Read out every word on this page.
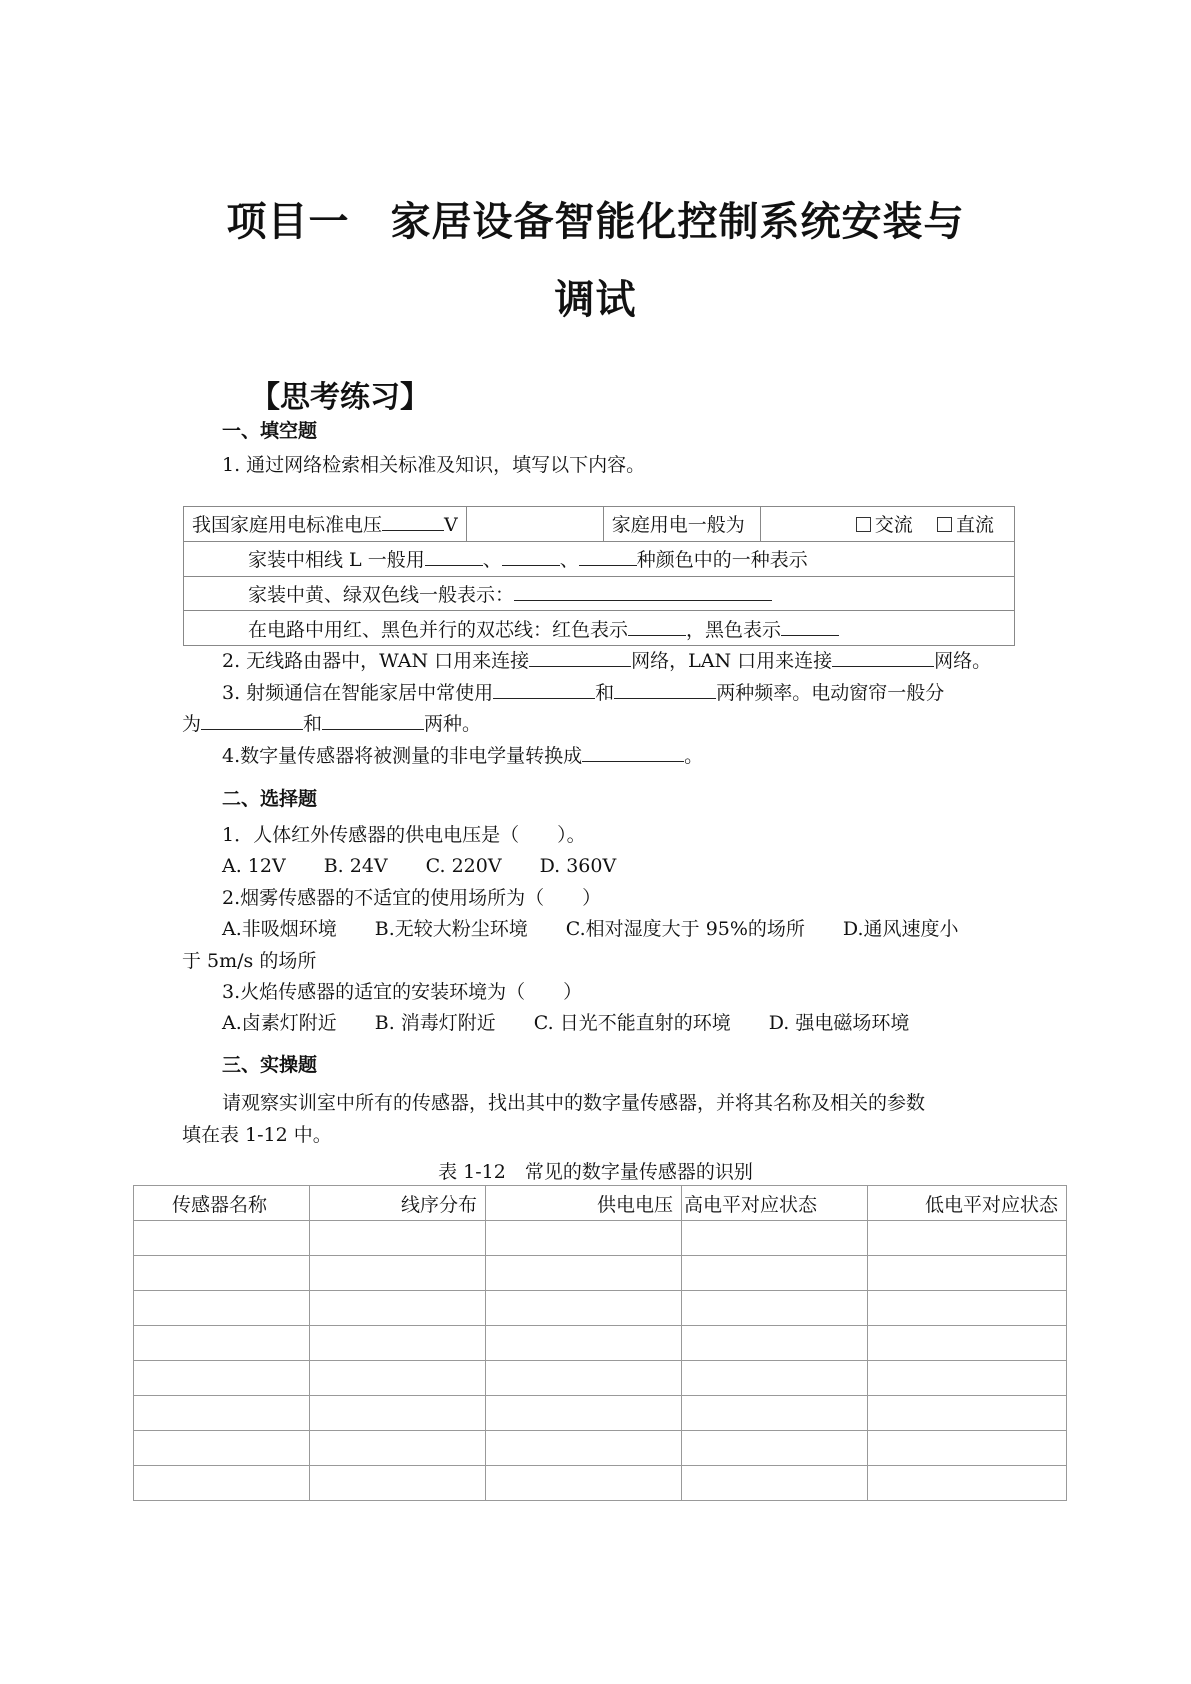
项目一　家居设备智能化控制系统安装与
调试
【思考练习】
一、填空题

1. 通过网络检索相关标准及知识，填写以下内容。

我国家庭用电标准电压	V		家庭用电一般为	交流 直流
家装中相线 L 一般用	、	、	种颜色中的一种表示
家装中黄、绿双色线一般表示：
在电路中用红、黑色并行的双芯线：红色表示	，黑色表示

2. 无线路由器中，WAN 口用来连接	网络，LAN 口用来连接	网络。

3. 射频通信在智能家居中常使用	和	两种频率。电动窗帘一般分

为	和	两种。

4.数字量传感器将被测量的非电学量转换成	。

二、选择题

1．人体红外传感器的供电电压是（　　）。

A. 12V　　B. 24V　　C. 220V　　D. 360V

2.烟雾传感器的不适宜的使用场所为（　　）

A.非吸烟环境　　B.无较大粉尘环境　　C.相对湿度大于 95%的场所　　D.通风速度小

于 5m/s 的场所

3.火焰传感器的适宜的安装环境为（　　）

A.卤素灯附近　　B. 消毒灯附近　　C. 日光不能直射的环境　　D. 强电磁场环境

三、实操题

请观察实训室中所有的传感器，找出其中的数字量传感器，并将其名称及相关的参数

填在表 1-12 中。

表 1-12　常见的数字量传感器的识别

传感器名称	线序分布	供电电压	高电平对应状态	低电平对应状态
